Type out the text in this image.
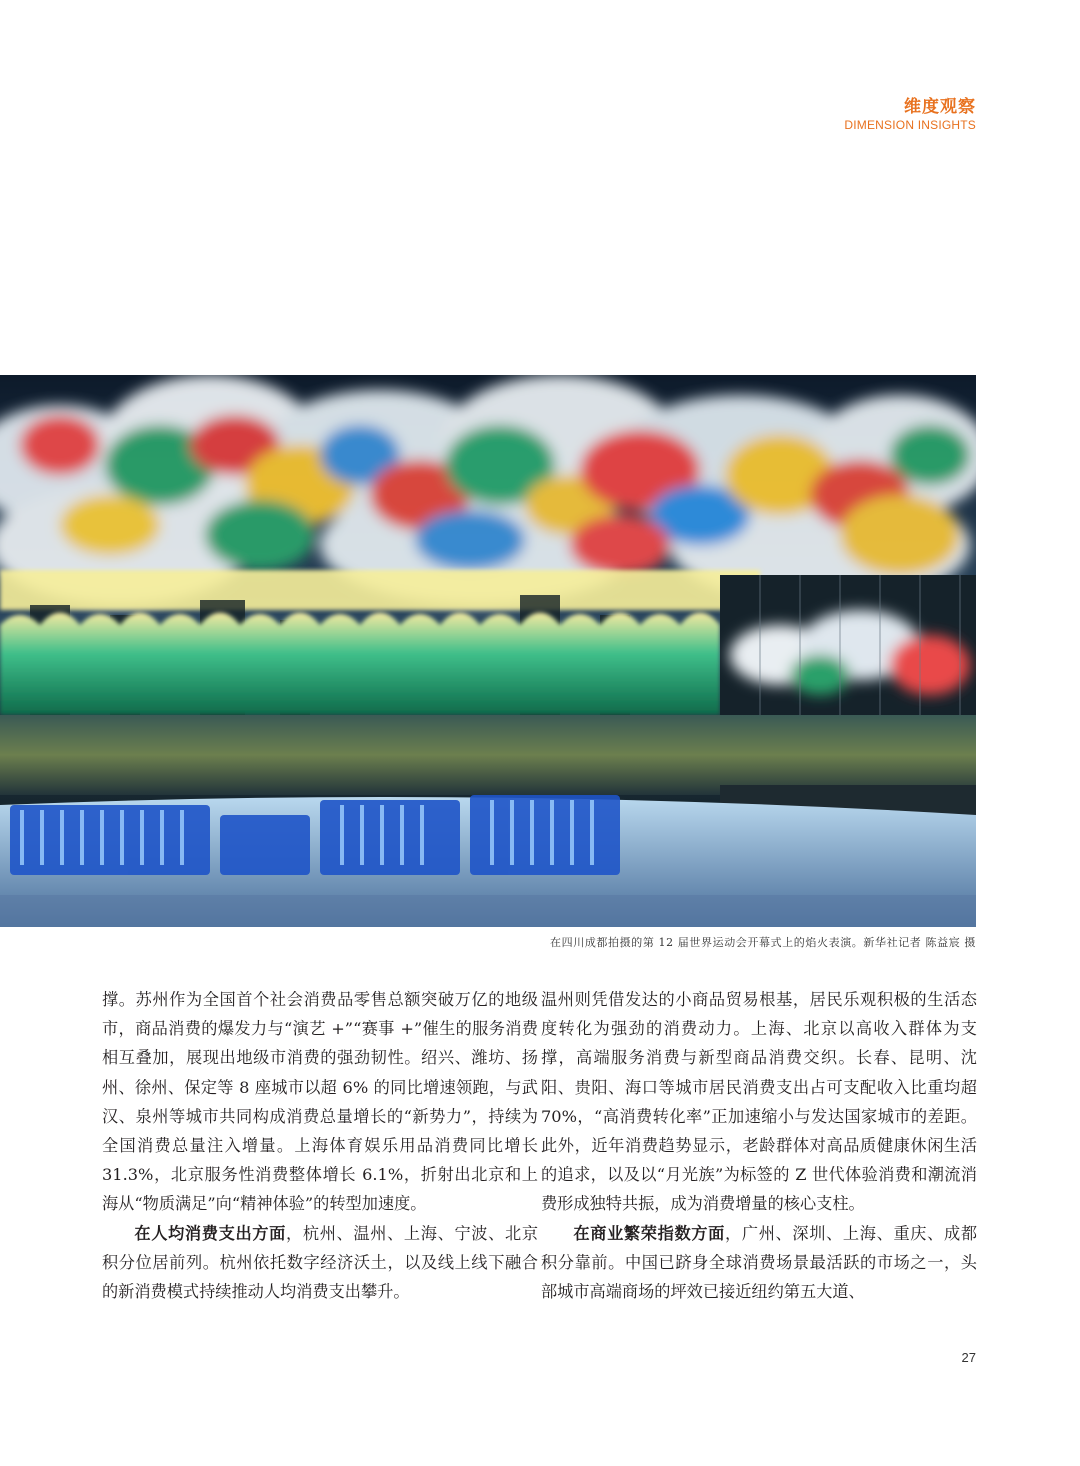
维度观察
DIMENSION INSIGHTS
在四川成都拍摄的第 12 届世界运动会开幕式上的焰火表演。新华社记者 陈益宸 摄

撑。苏州作为全国首个社会消费品零售总额突破万亿的地级市，商品消费的爆发力与“演艺 +”“赛事 +”催生的服务消费相互叠加，展现出地级市消费的强劲韧性。绍兴、潍坊、扬州、徐州、保定等 8 座城市以超 6% 的同比增速领跑，与武汉、泉州等城市共同构成消费总量增长的“新势力”，持续为全国消费总量注入增量。上海体育娱乐用品消费同比增长 31.3%，北京服务性消费整体增长 6.1%，折射出北京和上海从“物质满足”向“精神体验”的转型加速度。

在人均消费支出方面，杭州、温州、上海、宁波、北京积分位居前列。杭州依托数字经济沃土，以及线上线下融合的新消费模式持续推动人均消费支出攀升。

温州则凭借发达的小商品贸易根基，居民乐观积极的生活态度转化为强劲的消费动力。上海、北京以高收入群体为支撑，高端服务消费与新型商品消费交织。长春、昆明、沈阳、贵阳、海口等城市居民消费支出占可支配收入比重均超 70%，“高消费转化率”正加速缩小与发达国家城市的差距。此外，近年消费趋势显示，老龄群体对高品质健康休闲生活的追求，以及以“月光族”为标签的 Z 世代体验消费和潮流消费形成独特共振，成为消费增量的核心支柱。

在商业繁荣指数方面，广州、深圳、上海、重庆、成都积分靠前。中国已跻身全球消费场景最活跃的市场之一，头部城市高端商场的坪效已接近纽约第五大道、

27
